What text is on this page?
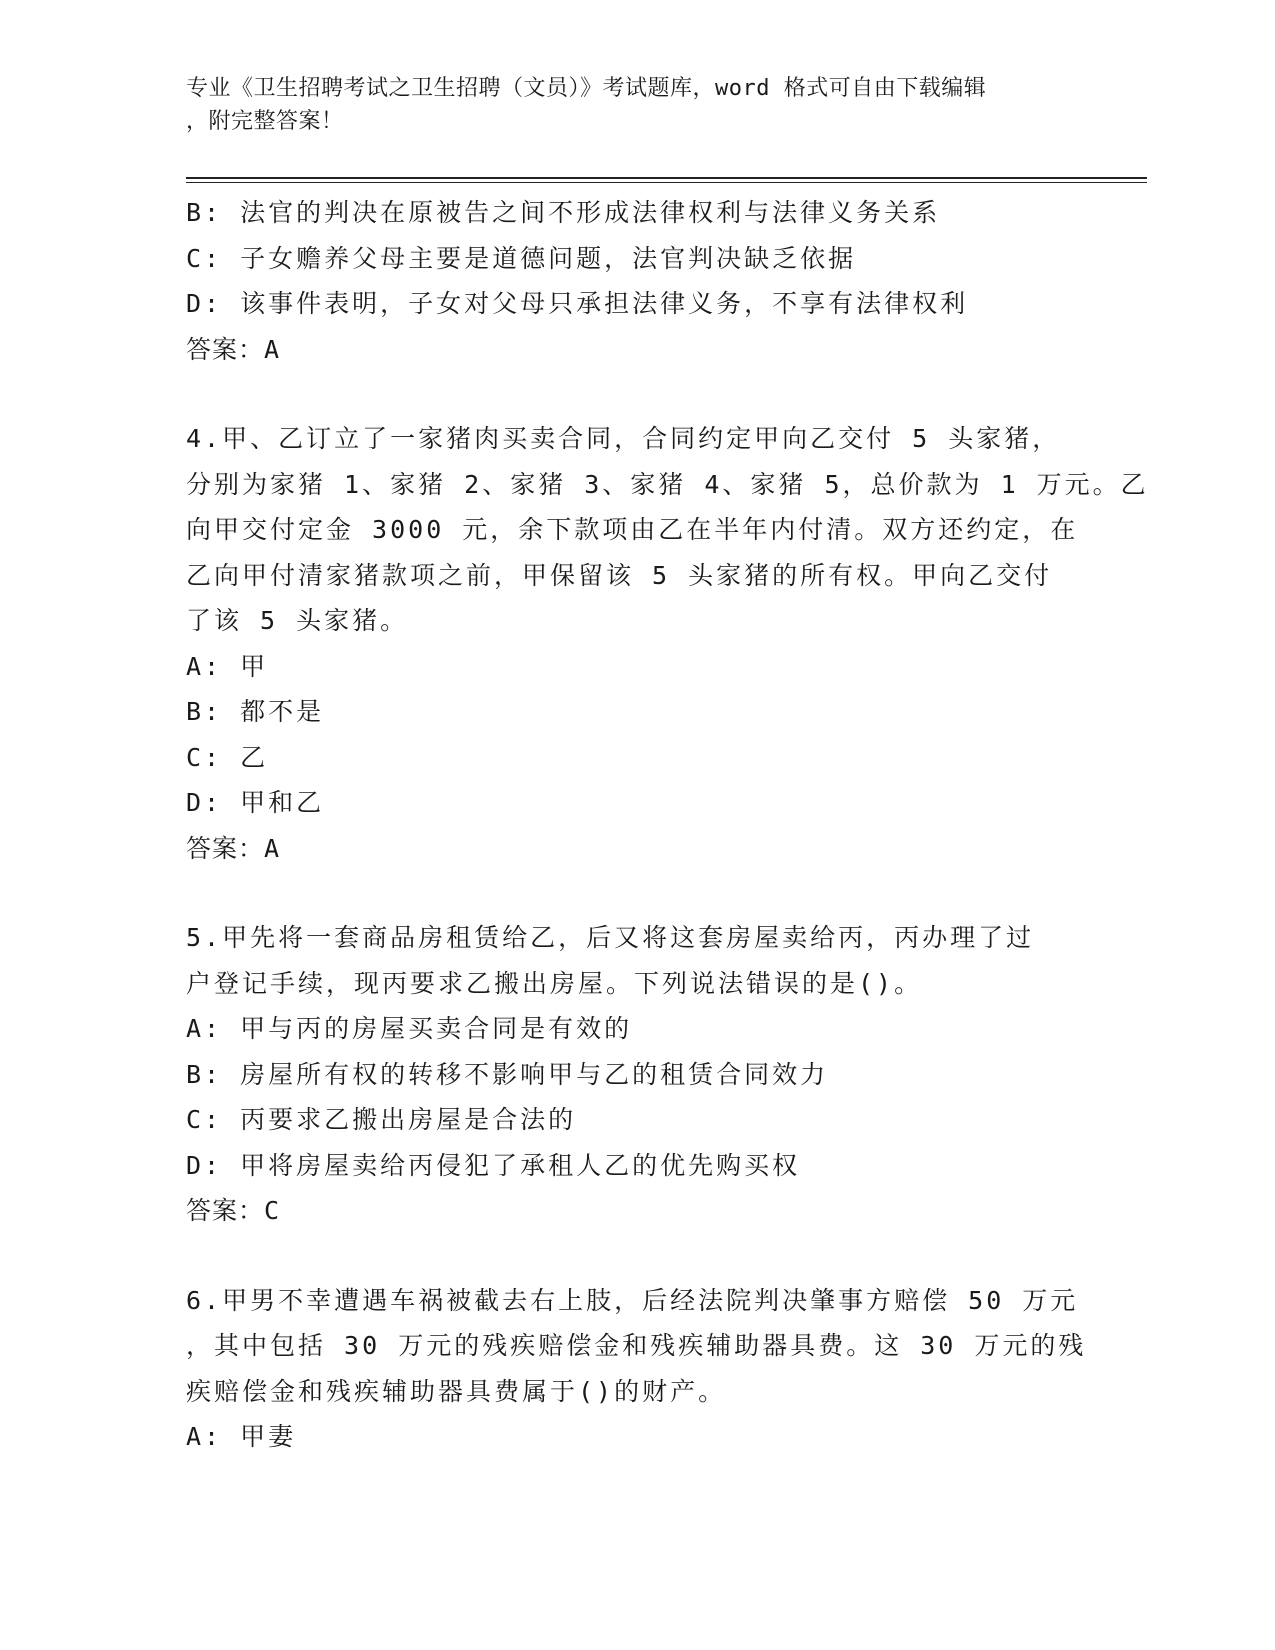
专业《卫生招聘考试之卫生招聘（文员）》考试题库，word 格式可自由下载编辑
，附完整答案！
B: 法官的判决在原被告之间不形成法律权利与法律义务关系
C: 子女赡养父母主要是道德问题，法官判决缺乏依据
D: 该事件表明，子女对父母只承担法律义务，不享有法律权利
答案：A
4.甲、乙订立了一家猪肉买卖合同，合同约定甲向乙交付 5 头家猪，
分别为家猪 1、家猪 2、家猪 3、家猪 4、家猪 5，总价款为 1 万元。乙
向甲交付定金 3000 元，余下款项由乙在半年内付清。双方还约定，在
乙向甲付清家猪款项之前，甲保留该 5 头家猪的所有权。甲向乙交付
了该 5 头家猪。
A: 甲
B: 都不是
C: 乙
D: 甲和乙
答案：A
5.甲先将一套商品房租赁给乙，后又将这套房屋卖给丙，丙办理了过
户登记手续，现丙要求乙搬出房屋。下列说法错误的是()。
A: 甲与丙的房屋买卖合同是有效的
B: 房屋所有权的转移不影响甲与乙的租赁合同效力
C: 丙要求乙搬出房屋是合法的
D: 甲将房屋卖给丙侵犯了承租人乙的优先购买权
答案：C
6.甲男不幸遭遇车祸被截去右上肢，后经法院判决肇事方赔偿 50 万元
，其中包括 30 万元的残疾赔偿金和残疾辅助器具费。这 30 万元的残
疾赔偿金和残疾辅助器具费属于()的财产。
A: 甲妻
